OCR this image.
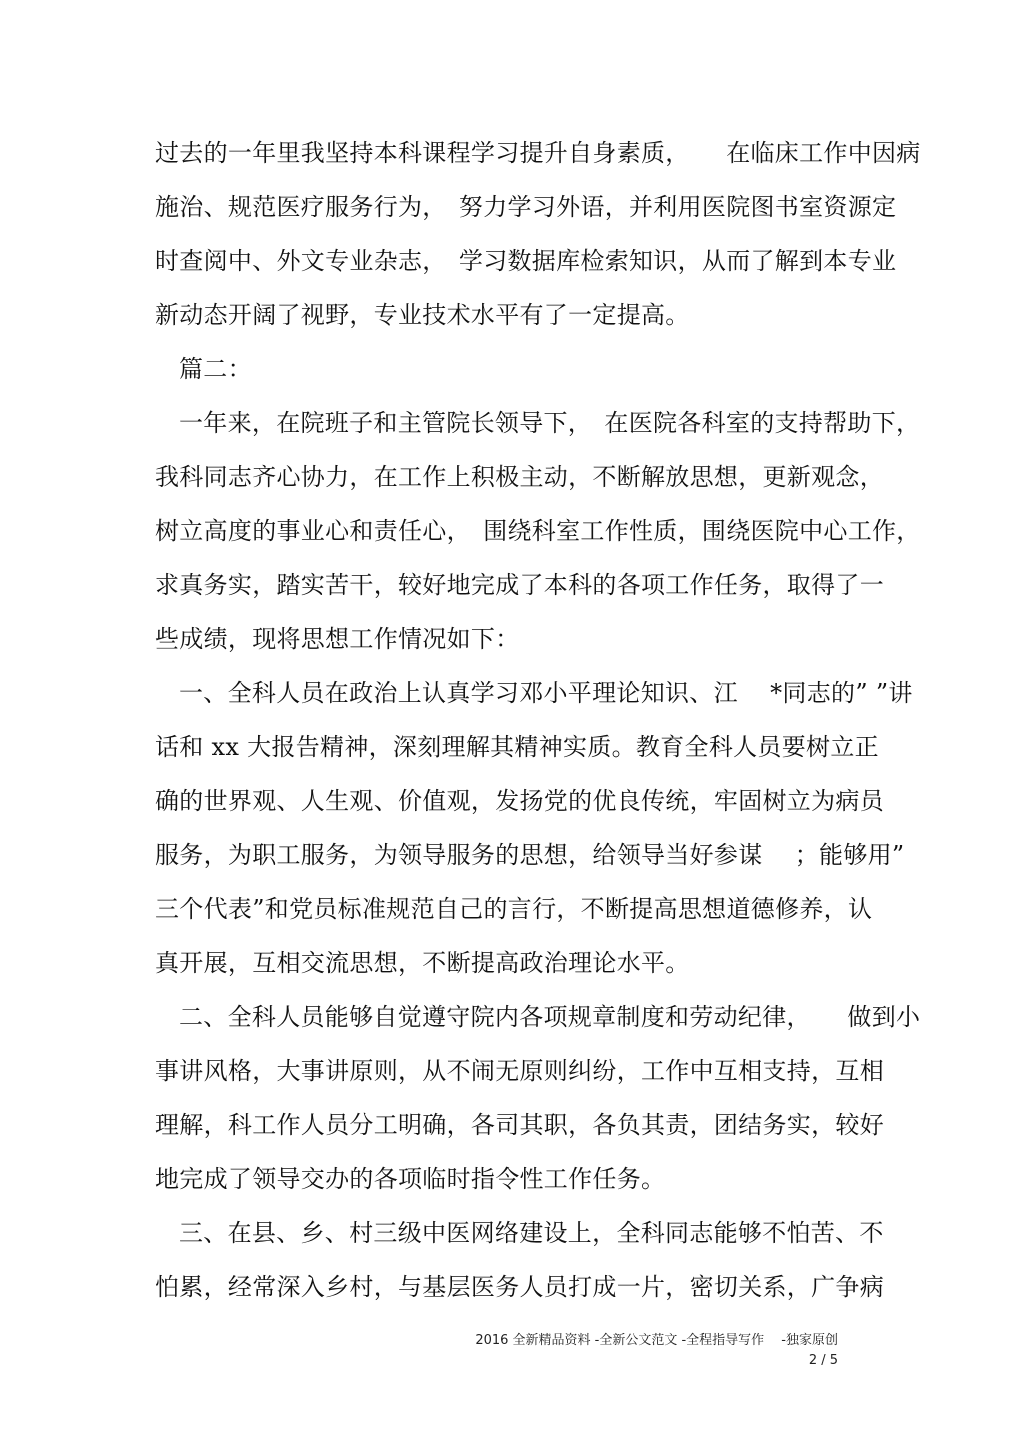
过去的一年里我坚持本科课程学习提升自身素质，　　在临床工作中因病
施治、规范医疗服务行为，　努力学习外语，并利用医院图书室资源定
时查阅中、外文专业杂志，　学习数据库检索知识，从而了解到本专业
新动态开阔了视野，专业技术水平有了一定提高。
篇二：
一年来，在院班子和主管院长领导下，　在医院各科室的支持帮助下，
我科同志齐心协力，在工作上积极主动，不断解放思想，更新观念，
树立高度的事业心和责任心，　围绕科室工作性质，围绕医院中心工作，
求真务实，踏实苦干，较好地完成了本科的各项工作任务，取得了一
些成绩，现将思想工作情况如下：
一、全科人员在政治上认真学习邓小平理论知识、江　 *同志的” ”讲
话和 xx 大报告精神，深刻理解其精神实质。教育全科人员要树立正
确的世界观、人生观、价值观，发扬党的优良传统，牢固树立为病员
服务，为职工服务，为领导服务的思想，给领导当好参谋　 ；能够用”
三个代表”和党员标准规范自己的言行，不断提高思想道德修养，认
真开展，互相交流思想，不断提高政治理论水平。
二、全科人员能够自觉遵守院内各项规章制度和劳动纪律，　　做到小
事讲风格，大事讲原则，从不闹无原则纠纷，工作中互相支持，互相
理解，科工作人员分工明确，各司其职，各负其责，团结务实，较好
地完成了领导交办的各项临时指令性工作任务。
三、在县、乡、村三级中医网络建设上，全科同志能够不怕苦、不
怕累，经常深入乡村，与基层医务人员打成一片，密切关系，广争病
2016 全新精品资料 -全新公文范文 -全程指导写作　 -独家原创
2 / 5
